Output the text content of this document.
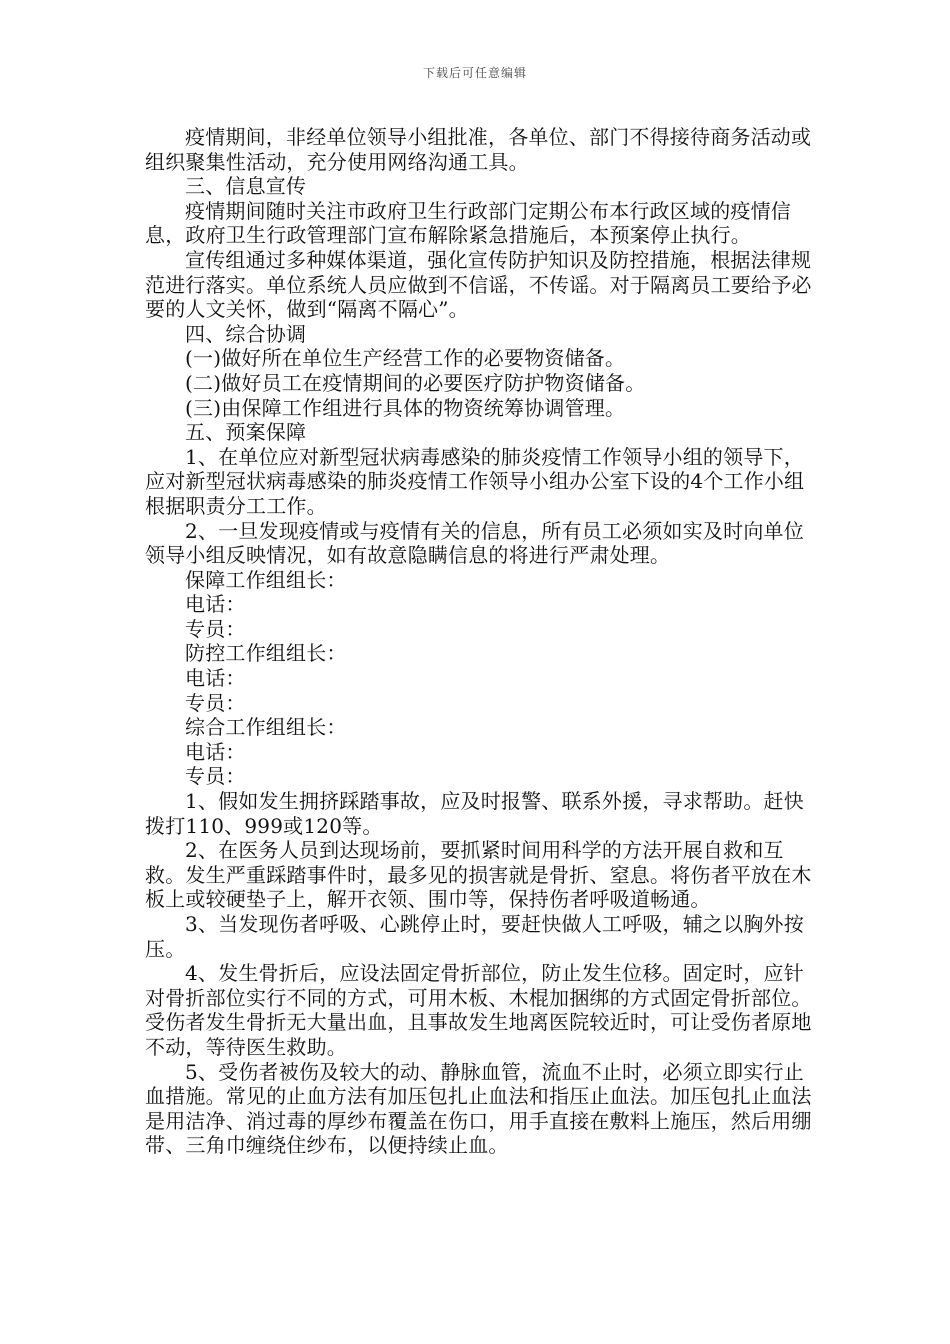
下载后可任意编辑

疫情期间，非经单位领导小组批准，各单位、部门不得接待商务活动或组织聚集性活动，充分使用网络沟通工具。

三、信息宣传

疫情期间随时关注市政府卫生行政部门定期公布本行政区域的疫情信息，政府卫生行政管理部门宣布解除紧急措施后，本预案停止执行。

宣传组通过多种媒体渠道，强化宣传防护知识及防控措施，根据法律规范进行落实。单位系统人员应做到不信谣，不传谣。对于隔离员工要给予必要的人文关怀，做到“隔离不隔心”。

四、综合协调

(一)做好所在单位生产经营工作的必要物资储备。

(二)做好员工在疫情期间的必要医疗防护物资储备。

(三)由保障工作组进行具体的物资统筹协调管理。

五、预案保障

1、在单位应对新型冠状病毒感染的肺炎疫情工作领导小组的领导下，应对新型冠状病毒感染的肺炎疫情工作领导小组办公室下设的4个工作小组根据职责分工工作。

2、一旦发现疫情或与疫情有关的信息，所有员工必须如实及时向单位领导小组反映情况，如有故意隐瞒信息的将进行严肃处理。

保障工作组组长：

电话：

专员：

防控工作组组长：

电话：

专员：

综合工作组组长：

电话：

专员：

1、假如发生拥挤踩踏事故，应及时报警、联系外援，寻求帮助。赶快拨打110、999或120等。

2、在医务人员到达现场前，要抓紧时间用科学的方法开展自救和互救。发生严重踩踏事件时，最多见的损害就是骨折、窒息。将伤者平放在木板上或较硬垫子上，解开衣领、围巾等，保持伤者呼吸道畅通。

3、当发现伤者呼吸、心跳停止时，要赶快做人工呼吸，辅之以胸外按压。

4、发生骨折后，应设法固定骨折部位，防止发生位移。固定时，应针对骨折部位实行不同的方式，可用木板、木棍加捆绑的方式固定骨折部位。受伤者发生骨折无大量出血，且事故发生地离医院较近时，可让受伤者原地不动，等待医生救助。

5、受伤者被伤及较大的动、静脉血管，流血不止时，必须立即实行止血措施。常见的止血方法有加压包扎止血法和指压止血法。加压包扎止血法是用洁净、消过毒的厚纱布覆盖在伤口，用手直接在敷料上施压，然后用绷带、三角巾缠绕住纱布，以便持续止血。
